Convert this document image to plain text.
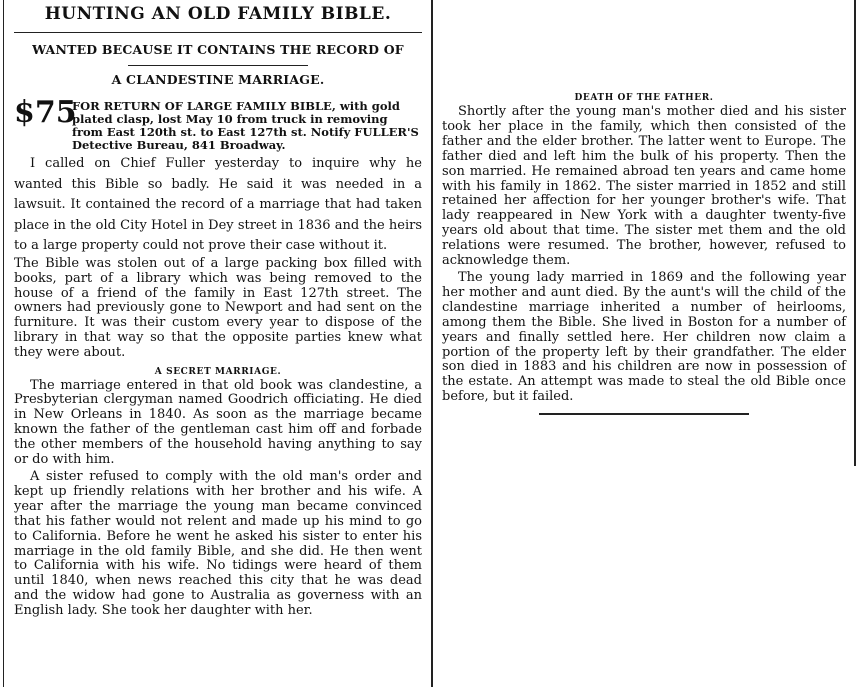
HUNTING AN OLD FAMILY BIBLE.

WANTED BECAUSE IT CONTAINS THE RECORD OF

A CLANDESTINE MARRIAGE.

$75

FOR RETURN OF LARGE FAMILY BIBLE, with gold plated clasp, lost May 10 from truck in removing from East 120th st. to East 127th st. Notify FULLER'S Detective Bureau, 841 Broadway.

I called on Chief Fuller yesterday to inquire why he wanted this Bible so badly. He said it was needed in a lawsuit. It contained the record of a marriage that had taken place in the old City Hotel in Dey street in 1836 and the heirs to a large property could not prove their case without it.

The Bible was stolen out of a large packing box filled with books, part of a library which was being removed to the house of a friend of the family in East 127th street. The owners had previously gone to Newport and had sent on the furniture. It was their custom every year to dispose of the library in that way so that the opposite parties knew what they were about.

A SECRET MARRIAGE.

The marriage entered in that old book was clandestine, a Presbyterian clergyman named Goodrich officiating. He died in New Orleans in 1840. As soon as the marriage became known the father of the gentleman cast him off and forbade the other members of the household having anything to say or do with him.

A sister refused to comply with the old man's order and kept up friendly relations with her brother and his wife. A year after the marriage the young man became convinced that his father would not relent and made up his mind to go to California. Before he went he asked his sister to enter his marriage in the old family Bible, and she did. He then went to California with his wife. No tidings were heard of them until 1840, when news reached this city that he was dead and the widow had gone to Australia as governess with an English lady. She took her daughter with her.

DEATH OF THE FATHER.

Shortly after the young man's mother died and his sister took her place in the family, which then consisted of the father and the elder brother. The latter went to Europe. The father died and left him the bulk of his property. Then the son married. He remained abroad ten years and came home with his family in 1862. The sister married in 1852 and still retained her affection for her younger brother's wife. That lady reappeared in New York with a daughter twenty-five years old about that time. The sister met them and the old relations were resumed. The brother, however, refused to acknowledge them.

The young lady married in 1869 and the following year her mother and aunt died. By the aunt's will the child of the clandestine marriage inherited a number of heirlooms, among them the Bible. She lived in Boston for a number of years and finally settled here. Her children now claim a portion of the property left by their grandfather. The elder son died in 1883 and his children are now in possession of the estate. An attempt was made to steal the old Bible once before, but it failed.
